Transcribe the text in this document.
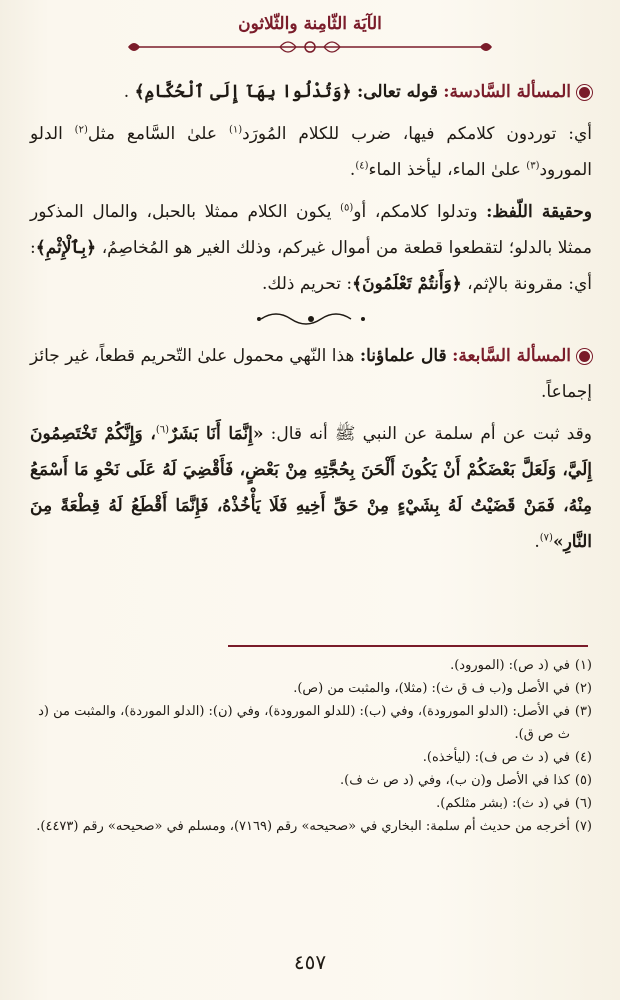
الآيَة الثّامِنة والثّلاثون

المسألة السَّادسة: قوله تعالى: ﴿وَتُدْلُوا بِهَآ إِلَى ٱلْحُكَّامِ﴾ .

أي: توردون كلامكم فيها، ضرب للكلام المُورَد$^{(١)}$ علىٰ السَّامع مثل$^{(٢)}$ الدلو المورود$^{(٣)}$ علىٰ الماء، ليأخذ الماء$^{(٤)}$.

وحقيقة اللّفظ: وتدلوا كلامكم، أو$^{(٥)}$ يكون الكلام ممثلا بالحبل، والمال المذكور ممثلا بالدلو؛ لتقطعوا قطعة من أموال غيركم، وذلك الغير هو المُخاصِمُ، ﴿بِٱلْإِثْمِ﴾: أي: مقرونة بالإثم، ﴿وَأَنتُمْ تَعْلَمُونَ﴾: تحريم ذلك.

المسألة السَّابعة: قال علماؤنا: هذا النّهي محمول علىٰ التّحريم قطعاً، غير جائز إجماعاً.

وقد ثبت عن أم سلمة عن النبي ﷺ أنه قال: «إِنَّمَا أَنَا بَشَرٌ$^{(٦)}$، وَإِنَّكُمْ تَخْتَصِمُونَ إِلَيَّ، وَلَعَلَّ بَعْضَكُمْ أَنْ يَكُونَ أَلْحَنَ بِحُجَّتِهِ مِنْ بَعْضٍ، فَأَقْضِيَ لَهُ عَلَى نَحْوِ مَا أَسْمَعُ مِنْهُ، فَمَنْ قَضَيْتُ لَهُ بِشَيْءٍ مِنْ حَقِّ أَخِيهِ فَلَا يَأْخُذْهُ، فَإِنَّمَا أَقْطَعُ لَهُ قِطْعَةً مِنَ النَّارِ»$^{(٧)}$.

(١)
في (د ص): (المورود).
(٢)
في الأصل و(ب ف ق ث): (مثلا)، والمثبت من (ص).
(٣)
في الأصل: (الدلو المورودة)، وفي (ب): (للدلو المورودة)، وفي (ن): (الدلو الموردة)، والمثبت من (د ث ص ق).
(٤)
في (د ث ص ف): (ليأخذه).
(٥)
كذا في الأصل و(ن ب)، وفي (د ص ث ف).
(٦)
في (د ث): (بشر مثلكم).
(٧)
أخرجه من حديث أم سلمة: البخاري في «صحيحه» رقم (٧١٦٩)، ومسلم في «صحيحه» رقم (٤٤٧٣).
٤٥٧
